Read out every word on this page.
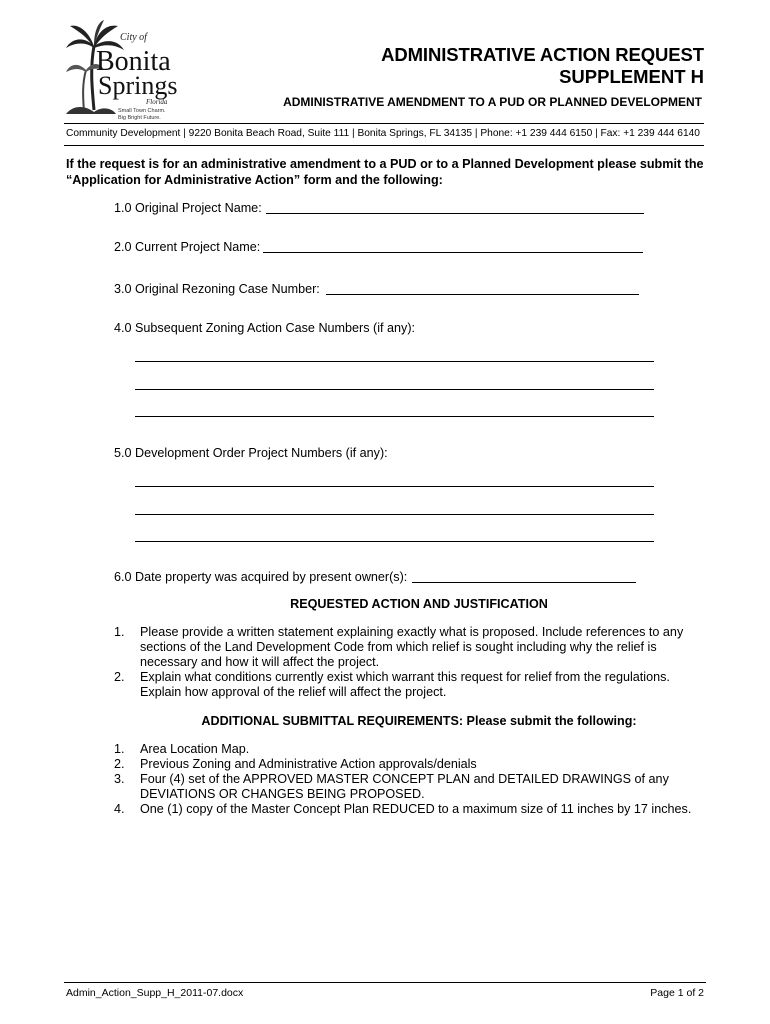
City of
Bonita
Springs
Florida
Small Town Charm.
Big Bright Future.
ADMINISTRATIVE ACTION REQUEST
SUPPLEMENT H
ADMINISTRATIVE AMENDMENT TO A PUD OR PLANNED DEVELOPMENT
Community Development | 9220 Bonita Beach Road, Suite 111 | Bonita Springs, FL 34135 | Phone: +1 239 444 6150 | Fax: +1 239 444 6140
If the request is for an administrative amendment to a PUD or to a Planned Development please submit the “Application for Administrative Action” form and the following:
1.0 Original Project Name:
2.0 Current Project Name:
3.0 Original Rezoning Case Number:
4.0 Subsequent Zoning Action Case Numbers (if any):
5.0 Development Order Project Numbers (if any):
6.0 Date property was acquired by present owner(s):
REQUESTED ACTION AND JUSTIFICATION
1. Please provide a written statement explaining exactly what is proposed. Include references to any sections of the Land Development Code from which relief is sought including why the relief is necessary and how it will affect the project.
2. Explain what conditions currently exist which warrant this request for relief from the regulations. Explain how approval of the relief will affect the project.
ADDITIONAL SUBMITTAL REQUIREMENTS: Please submit the following:
1. Area Location Map.
2. Previous Zoning and Administrative Action approvals/denials
3. Four (4) set of the APPROVED MASTER CONCEPT PLAN and DETAILED DRAWINGS of any DEVIATIONS OR CHANGES BEING PROPOSED.
4. One (1) copy of the Master Concept Plan REDUCED to a maximum size of 11 inches by 17 inches.
Admin_Action_Supp_H_2011-07.docx	Page 1 of 2
